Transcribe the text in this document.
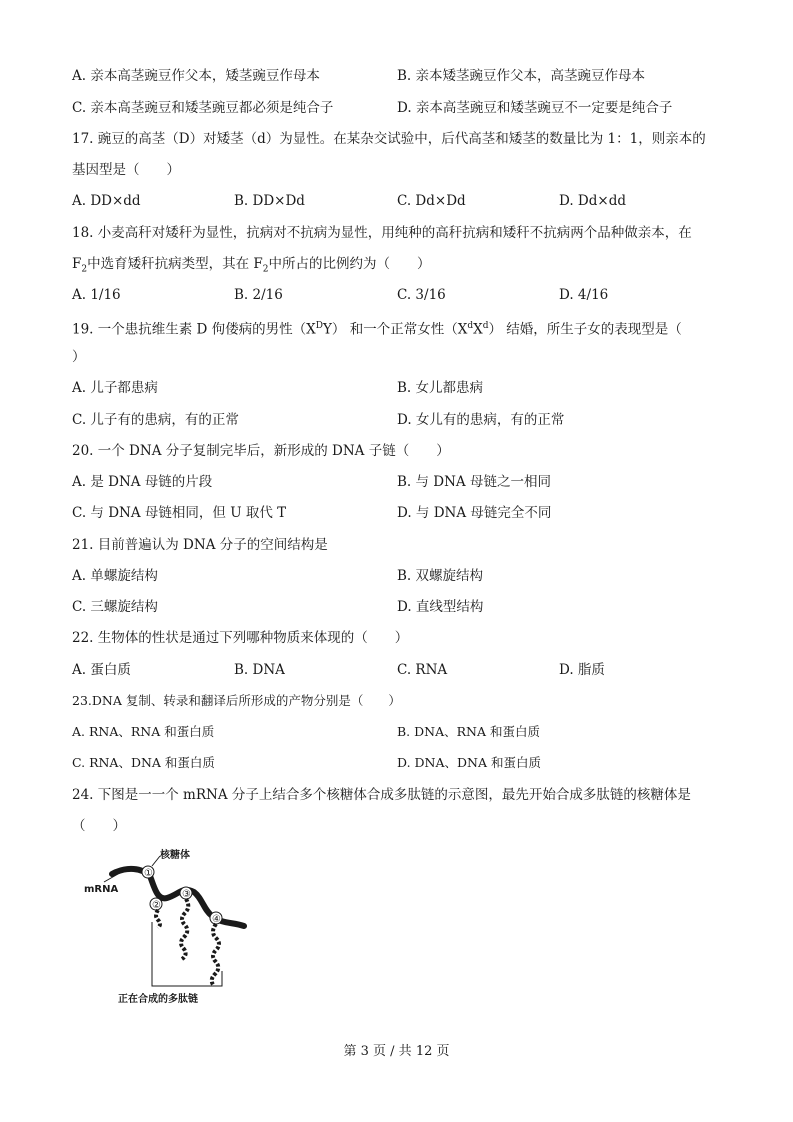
A. 亲本高茎豌豆作父本，矮茎豌豆作母本	B. 亲本矮茎豌豆作父本，高茎豌豆作母本
C. 亲本高茎豌豆和矮茎豌豆都必须是纯合子	D. 亲本高茎豌豆和矮茎豌豆不一定要是纯合子
17. 豌豆的高茎（D）对矮茎（d）为显性。在某杂交试验中，后代高茎和矮茎的数量比为 1：1，则亲本的
基因型是（　　）
A. DD×dd	B. DD×Dd	C. Dd×Dd	D. Dd×dd
18. 小麦高秆对矮秆为显性，抗病对不抗病为显性，用纯种的高秆抗病和矮秆不抗病两个品种做亲本，在
$F_2$中选育矮秆抗病类型，其在 $F_2$中所占的比例约为（　　）
A. 1/16	B. 2/16	C. 3/16	D. 4/16
19. 一个患抗维生素 D 佝偻病的男性$(X^DY)$ 和一个正常女性$(X^dX^d)$ 结婚，所生子女的表现型是（
）
A. 儿子都患病	B. 女儿都患病
C. 儿子有的患病，有的正常	D. 女儿有的患病，有的正常
20. 一个 DNA 分子复制完毕后，新形成的 DNA 子链（　　）
A. 是 DNA 母链的片段	B. 与 DNA 母链之一相同
C. 与 DNA 母链相同，但 U 取代 T	D. 与 DNA 母链完全不同
21. 目前普遍认为 DNA 分子的空间结构是
A. 单螺旋结构	B. 双螺旋结构
C. 三螺旋结构	D. 直线型结构
22. 生物体的性状是通过下列哪种物质来体现的（　　）
A. 蛋白质	B. DNA	C. RNA	D. 脂质
23.DNA 复制、转录和翻译后所形成的产物分别是（　　）
A. RNA、RNA 和蛋白质	B. DNA、RNA 和蛋白质
C. RNA、DNA 和蛋白质	D. DNA、DNA 和蛋白质
24. 下图是一一个 mRNA 分子上结合多个核糖体合成多肽链的示意图，最先开始合成多肽链的核糖体是
（　　）
核糖体
mRNA
正在合成的多肽链
①
②
③
④
第 3 页 / 共 12 页
